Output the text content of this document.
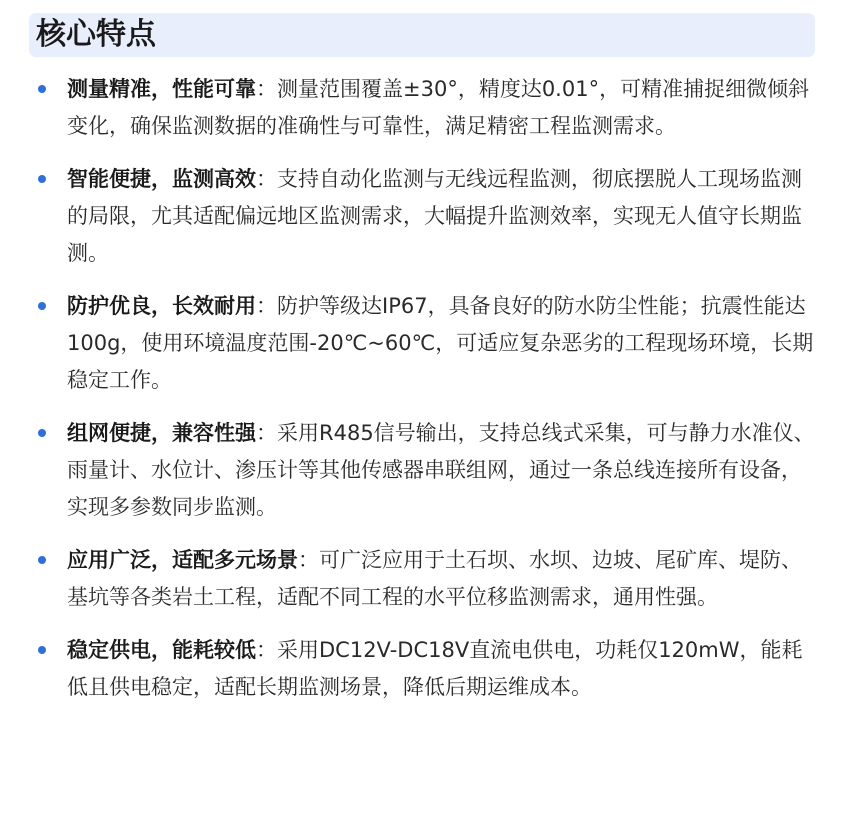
核心特点
测量精准，性能可靠：测量范围覆盖±30°，精度达0.01°，可精准捕捉细微倾斜变化，确保监测数据的准确性与可靠性，满足精密工程监测需求。
智能便捷，监测高效：支持自动化监测与无线远程监测，彻底摆脱人工现场监测的局限，尤其适配偏远地区监测需求，大幅提升监测效率，实现无人值守长期监测。
防护优良，长效耐用：防护等级达IP67，具备良好的防水防尘性能；抗震性能达100g，使用环境温度范围-20℃~60℃，可适应复杂恶劣的工程现场环境，长期稳定工作。
组网便捷，兼容性强：采用R485信号输出，支持总线式采集，可与静力水准仪、雨量计、水位计、渗压计等其他传感器串联组网，通过一条总线连接所有设备，实现多参数同步监测。
应用广泛，适配多元场景：可广泛应用于土石坝、水坝、边坡、尾矿库、堤防、基坑等各类岩土工程，适配不同工程的水平位移监测需求，通用性强。
稳定供电，能耗较低：采用DC12V-DC18V直流电供电，功耗仅120mW，能耗低且供电稳定，适配长期监测场景，降低后期运维成本。
